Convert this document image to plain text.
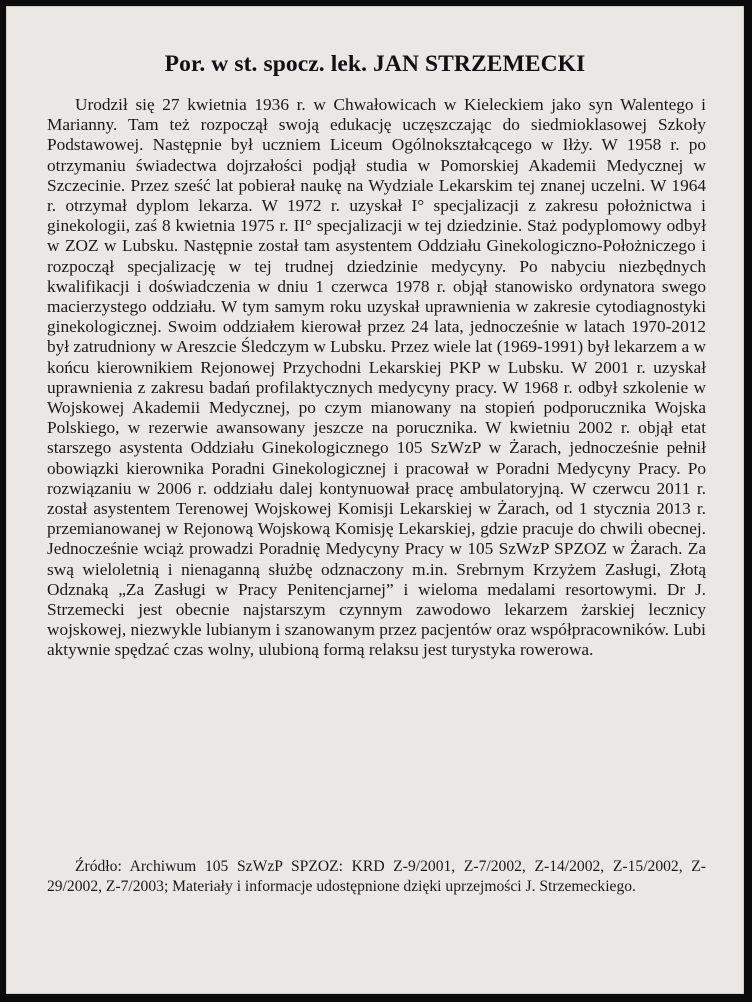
Por. w st. spocz. lek. JAN STRZEMECKI

Urodził się 27 kwietnia 1936 r. w Chwałowicach w Kieleckiem jako syn Walentego i Marianny. Tam też rozpoczął swoją edukację uczęszczając do siedmioklasowej Szkoły Podstawowej. Następnie był uczniem Liceum Ogólnokształcącego w Iłży. W 1958 r. po otrzymaniu świadectwa dojrzałości podjął studia w Pomorskiej Akademii Medycznej w Szczecinie. Przez sześć lat pobierał naukę na Wydziale Lekarskim tej znanej uczelni. W 1964 r. otrzymał dyplom lekarza. W 1972 r. uzyskał I° specjalizacji z zakresu położnictwa i ginekologii, zaś 8 kwietnia 1975 r. II° specjalizacji w tej dziedzinie. Staż podyplomowy odbył w ZOZ w Lubsku. Następnie został tam asystentem Oddziału Ginekologiczno-Położniczego i rozpoczął specjalizację w tej trudnej dziedzinie medycyny. Po nabyciu niezbędnych kwalifikacji i doświadczenia w dniu 1 czerwca 1978 r. objął stanowisko ordynatora swego macierzystego oddziału. W tym samym roku uzyskał uprawnienia w zakresie cytodiagnostyki ginekologicznej. Swoim oddziałem kierował przez 24 lata, jednocześnie w latach 1970-2012 był zatrudniony w Areszcie Śledczym w Lubsku. Przez wiele lat (1969-1991) był lekarzem a w końcu kierownikiem Rejonowej Przychodni Lekarskiej PKP w Lubsku. W 2001 r. uzyskał uprawnienia z zakresu badań profilaktycznych medycyny pracy. W 1968 r. odbył szkolenie w Wojskowej Akademii Medycznej, po czym mianowany na stopień podporucznika Wojska Polskiego, w rezerwie awansowany jeszcze na porucznika. W kwietniu 2002 r. objął etat starszego asystenta Oddziału Ginekologicznego 105 SzWzP w Żarach, jednocześnie pełnił obowiązki kierownika Poradni Ginekologicznej i pracował w Poradni Medycyny Pracy. Po rozwiązaniu w 2006 r. oddziału dalej kontynuował pracę ambulatoryjną. W czerwcu 2011 r. został asystentem Terenowej Wojskowej Komisji Lekarskiej w Żarach, od 1 stycznia 2013 r. przemianowanej w Rejonową Wojskową Komisję Lekarskiej, gdzie pracuje do chwili obecnej. Jednocześnie wciąż prowadzi Poradnię Medycyny Pracy w 105 SzWzP SPZOZ w Żarach. Za swą wieloletnią i nienaganną służbę odznaczony m.in. Srebrnym Krzyżem Zasługi, Złotą Odznaką „Za Zasługi w Pracy Penitencjarnej” i wieloma medalami resortowymi. Dr J. Strzemecki jest obecnie najstarszym czynnym zawodowo lekarzem żarskiej lecznicy wojskowej, niezwykle lubianym i szanowanym przez pacjentów oraz współpracowników. Lubi aktywnie spędzać czas wolny, ulubioną formą relaksu jest turystyka rowerowa.

Źródło: Archiwum 105 SzWzP SPZOZ: KRD Z-9/2001, Z-7/2002, Z-14/2002, Z-15/2002, Z-29/2002, Z-7/2003; Materiały i informacje udostępnione dzięki uprzejmości J. Strzemeckiego.
